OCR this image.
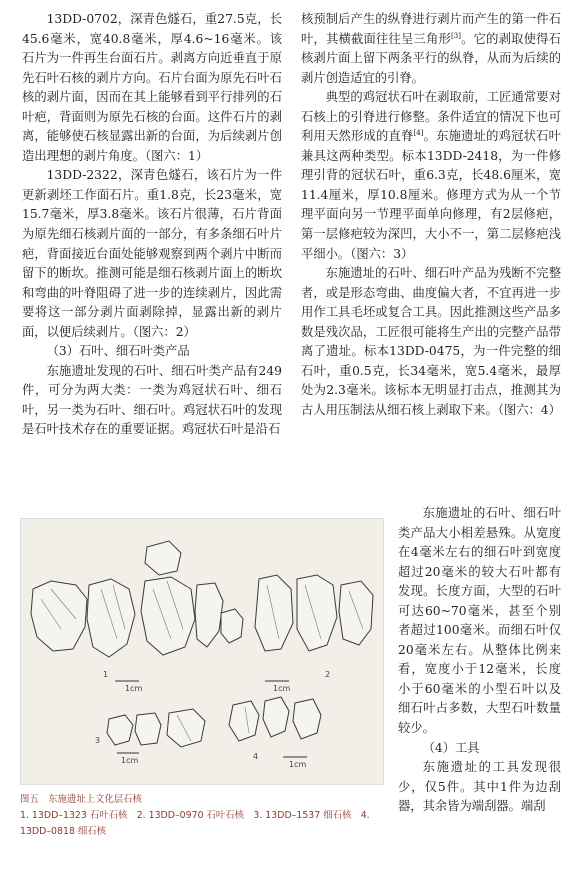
13DD-0702，深青色燧石，重27.5克，长45.6毫米，宽40.8毫米，厚4.6~16毫米。该石片为一件再生台面石片。剥离方向近垂直于原先石叶石核的剥片方向。石片台面为原先石叶石核的剥片面，因而在其上能够看到平行排列的石叶疤，背面则为原先石核的台面。这件石片的剥离，能够使石核显露出新的台面，为后续剥片创造出理想的剥片角度。（图六：1）

13DD-2322，深青色燧石，该石片为一件更新剥坯工作面石片。重1.8克，长23毫米，宽15.7毫米，厚3.8毫米。该石片很薄，石片背面为原先细石核剥片面的一部分，有多条细石叶片疤，背面接近台面处能够观察到两个剥片中断而留下的断坎。推测可能是细石核剥片面上的断坎和弯曲的叶脊阻碍了进一步的连续剥片，因此需要将这一部分剥片面剥除掉，显露出新的剥片面，以便后续剥片。（图六：2）

（3）石叶、细石叶类产品

东施遗址发现的石叶、细石叶类产品有249件，可分为两大类：一类为鸡冠状石叶、细石叶，另一类为石叶、细石叶。鸡冠状石叶的发现是石叶技术存在的重要证据。鸡冠状石叶是沿石

核预制后产生的纵脊进行剥片而产生的第一件石叶，其横截面往往呈三角形[3]。它的剥取使得石核剥片面上留下两条平行的纵脊，从而为后续的剥片创造适宜的引脊。

典型的鸡冠状石叶在剥取前，工匠通常要对石核上的引脊进行修整。条件适宜的情况下也可利用天然形成的直脊[4]。东施遗址的鸡冠状石叶兼具这两种类型。标本13DD-2418，为一件修理引背的冠状石叶，重6.3克，长48.6厘米，宽11.4厘米，厚10.8厘米。修理方式为从一个节理平面向另一节理平面单向修理，有2层修疤，第一层修疤较为深凹，大小不一，第二层修疤浅平细小。（图六：3）

东施遗址的石叶、细石叶产品为残断不完整者，或是形态弯曲、曲度偏大者，不宜再进一步用作工具毛坯或复合工具。因此推测这些产品多数是残次品，工匠很可能将生产出的完整产品带离了遗址。标本13DD-0475，为一件完整的细石叶，重0.5克，长34毫米，宽5.4毫米，最厚处为2.3毫米。该标本无明显打击点，推测其为古人用压制法从细石核上剥取下来。（图六：4）

东施遗址的石叶、细石叶类产品大小相差悬殊。从宽度在4毫米左右的细石叶到宽度超过20毫米的较大石叶都有发现。长度方面，大型的石叶可达60~70毫米，甚至个别者超过100毫米。而细石叶仅20毫米左右。从整体比例来看，宽度小于12毫米，长度小于60毫米的小型石叶以及细石叶占多数，大型石叶数量较少。

（4）工具

东施遗址的工具发现很少，仅5件。其中1件为边刮器，其余皆为端刮器。端刮

1
1cm
2
1cm
3
1cm	4
1cm
图五　东施遗址上文化层石核
1. 13DD–1323 石叶石核　2. 13DD–0970 石叶石核　3. 13DD–1537 细石核　4.
13DD–0818 细石核
